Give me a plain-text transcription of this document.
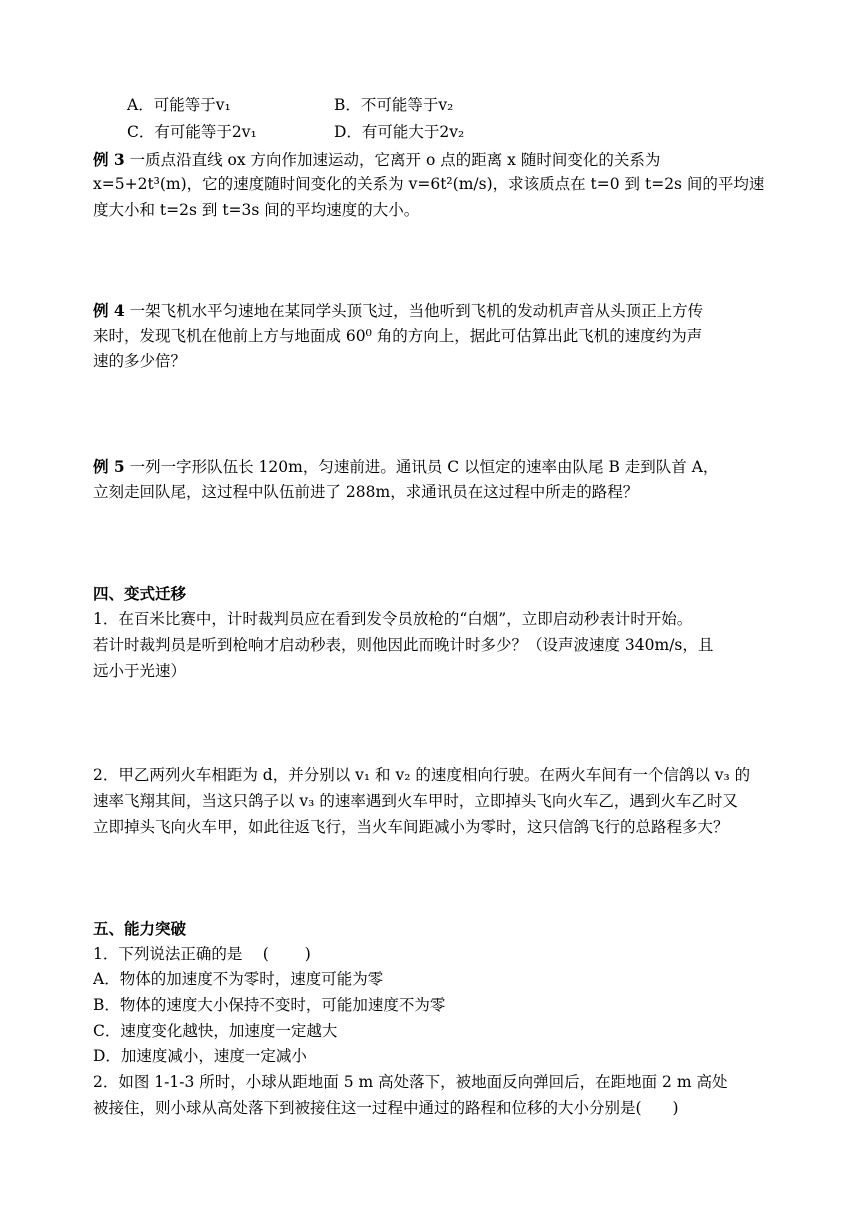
A．可能等于v₁	B．不可能等于v₂
C．有可能等于2v₁	D．有可能大于2v₂
例 3 一质点沿直线 ox 方向作加速运动，它离开 o 点的距离 x 随时间变化的关系为
x=5+2t³(m)，它的速度随时间变化的关系为 v=6t²(m/s)，求该质点在 t=0 到 t=2s 间的平均速
度大小和 t=2s 到 t=3s 间的平均速度的大小。
例 4 一架飞机水平匀速地在某同学头顶飞过，当他听到飞机的发动机声音从头顶正上方传
来时，发现飞机在他前上方与地面成 60⁰ 角的方向上，据此可估算出此飞机的速度约为声
速的多少倍？
例 5 一列一字形队伍长 120m，匀速前进。通讯员 C 以恒定的速率由队尾 B 走到队首 A，
立刻走回队尾，这过程中队伍前进了 288m，求通讯员在这过程中所走的路程？
四、变式迁移
1．在百米比赛中，计时裁判员应在看到发令员放枪的“白烟”，立即启动秒表计时开始。
若计时裁判员是听到枪响才启动秒表，则他因此而晚计时多少？（设声波速度 340m/s，且
远小于光速）
2．甲乙两列火车相距为 d，并分别以 v₁ 和 v₂ 的速度相向行驶。在两火车间有一个信鸽以 v₃ 的
速率飞翔其间，当这只鸽子以 v₃ 的速率遇到火车甲时，立即掉头飞向火车乙，遇到火车乙时又
立即掉头飞向火车甲，如此往返飞行，当火车间距减小为零时，这只信鸽飞行的总路程多大？
五、能力突破
1．下列说法正确的是　 (　　 )
A．物体的加速度不为零时，速度可能为零
B．物体的速度大小保持不变时，可能加速度不为零
C．速度变化越快，加速度一定越大
D．加速度减小，速度一定减小
2．如图 1-1-3 所时，小球从距地面 5 m 高处落下，被地面反向弹回后，在距地面 2 m 高处
被接住，则小球从高处落下到被接住这一过程中通过的路程和位移的大小分别是(　　)
